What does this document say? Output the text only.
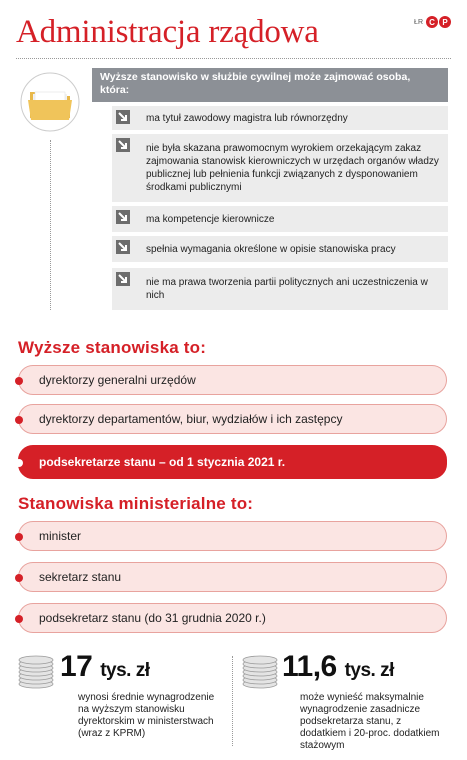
Administracja rządowa	ŁR C P
Wyższe stanowisko w służbie cywilnej może zajmować osoba, która:
ma tytuł zawodowy magistra lub równorzędny
nie była skazana prawomocnym wyrokiem orzekającym zakaz zajmowania stanowisk kierowniczych w urzędach organów władzy publicznej lub pełnienia funkcji związanych z dysponowaniem środkami publicznymi
ma kompetencje kierownicze
spełnia wymagania określone w opisie stanowiska pracy
nie ma prawa tworzenia partii politycznych ani uczestniczenia w nich
Wyższe stanowiska to:
dyrektorzy generalni urzędów
dyrektorzy departamentów, biur, wydziałów i ich zastępcy
podsekretarze stanu – od 1 stycznia 2021 r.
Stanowiska ministerialne to:
minister
sekretarz stanu
podsekretarz stanu (do 31 grudnia 2020 r.)
17 tys. zł
wynosi średnie wynagrodzenie na wyższym stanowisku dyrektorskim w ministerstwach (wraz z KPRM)
11,6 tys. zł
może wynieść maksymalnie wynagrodzenie zasadnicze podsekretarza stanu, z dodatkiem i 20-proc. dodatkiem stażowym
